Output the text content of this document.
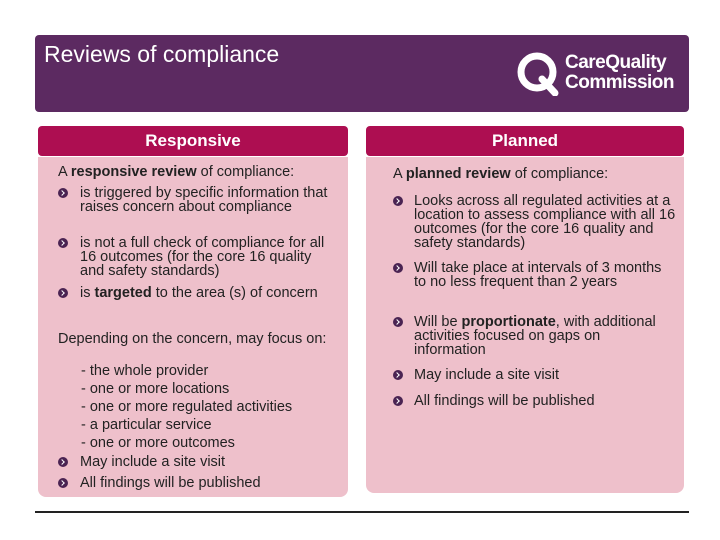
Reviews of compliance	CareQuality
Commission
Responsive
A responsive review of compliance:
is triggered by specific information that raises concern about compliance
is not a full check of compliance for all 16 outcomes (for the core 16 quality and safety standards)
is targeted to the area (s) of concern
Depending on the concern, may focus on:
- the whole provider
- one or more locations
- one or more regulated activities
- a particular service
- one or more outcomes
May include a site visit
All findings will be published
Planned
A planned review of compliance:
Looks across all regulated activities at a location to assess compliance with all 16 outcomes (for the core 16 quality and safety standards)
Will take place at intervals of 3 months to no less frequent than 2 years
Will be proportionate, with additional activities focused on gaps on information
May include a site visit
All findings will be published
